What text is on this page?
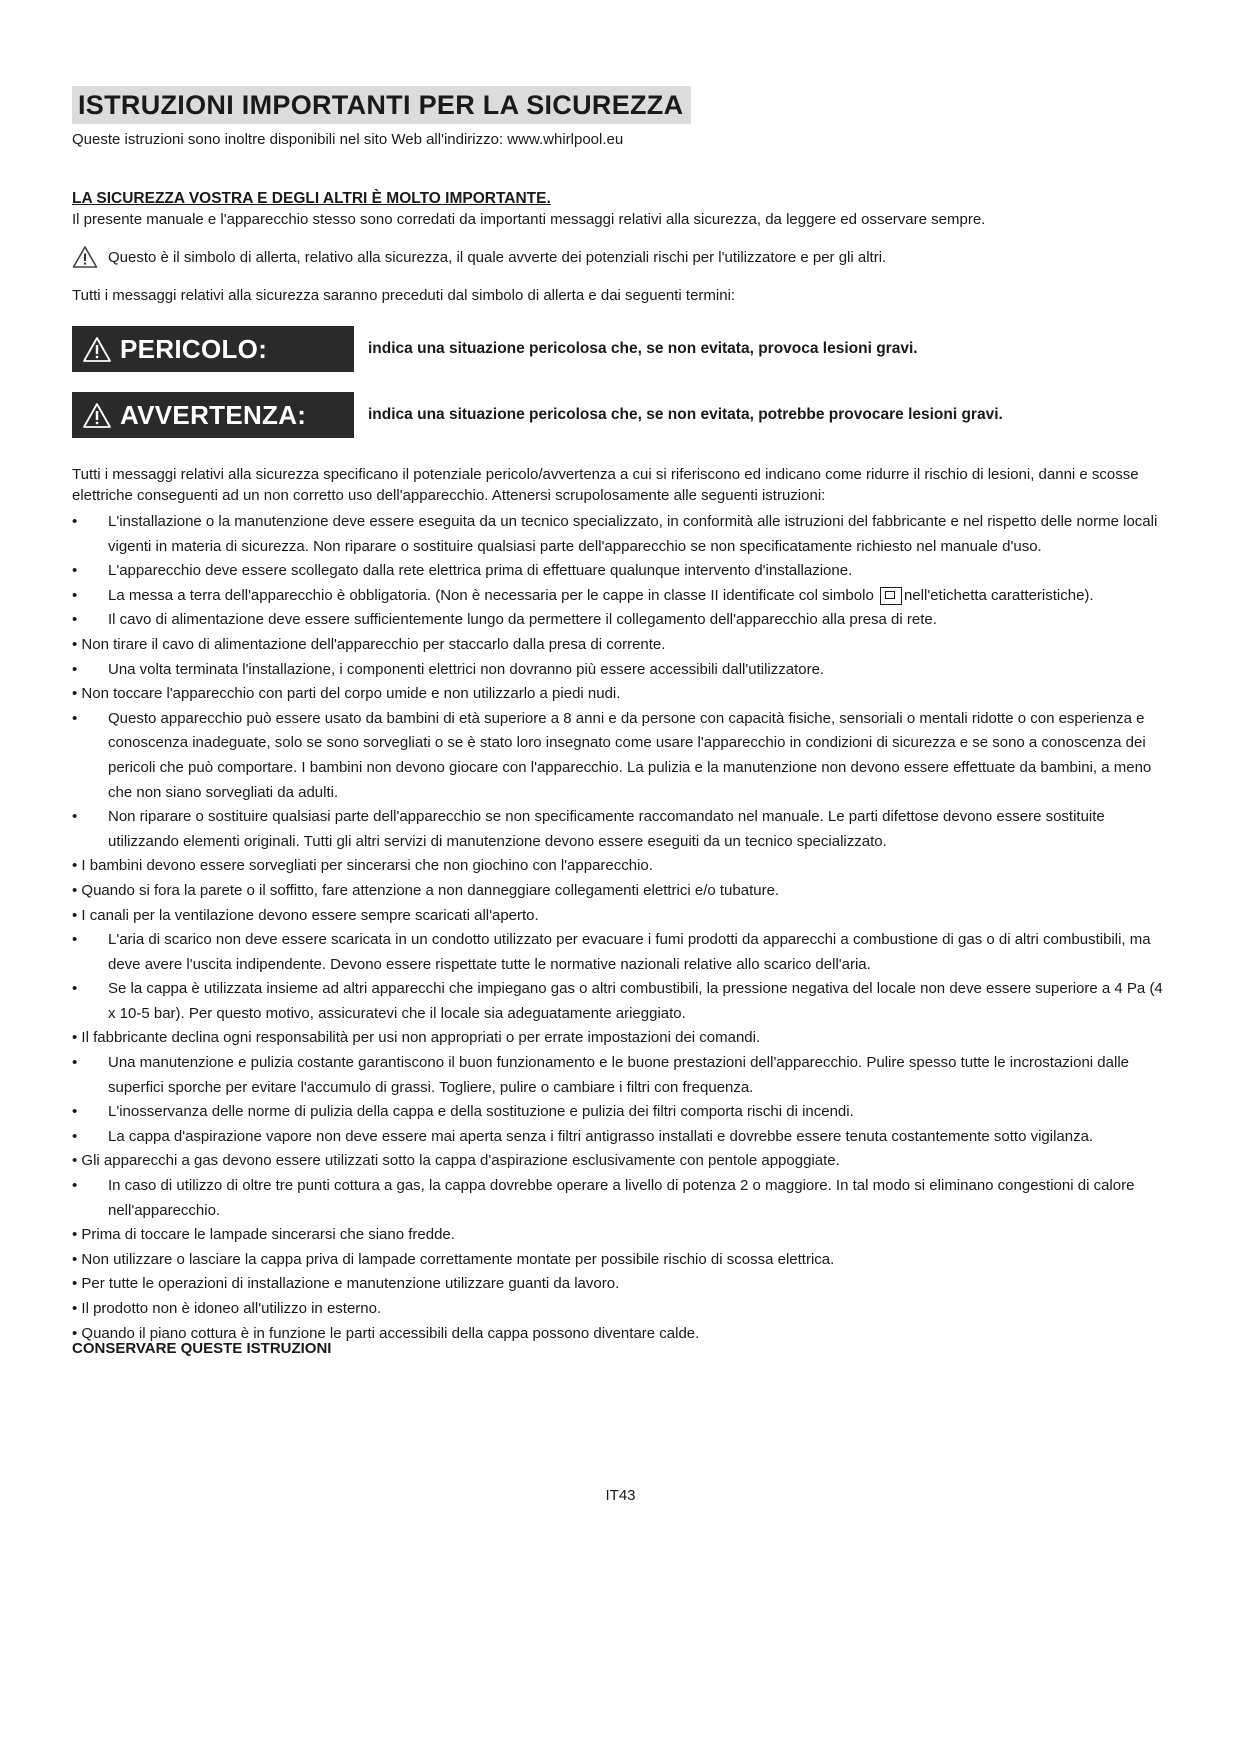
ISTRUZIONI IMPORTANTI PER LA SICUREZZA
Queste istruzioni sono inoltre disponibili nel sito Web all'indirizzo: www.whirlpool.eu
LA SICUREZZA VOSTRA E DEGLI ALTRI È MOLTO IMPORTANTE.
Il presente manuale e l'apparecchio stesso sono corredati da importanti messaggi relativi alla sicurezza, da leggere ed osservare sempre.
Questo è il simbolo di allerta, relativo alla sicurezza, il quale avverte dei potenziali rischi per l'utilizzatore e per gli altri.
Tutti i messaggi relativi alla sicurezza saranno preceduti dal simbolo di allerta e dai seguenti termini:
PERICOLO:	indica una situazione pericolosa che, se non evitata, provoca lesioni gravi.
AVVERTENZA:	indica una situazione pericolosa che, se non evitata, potrebbe provocare lesioni gravi.
Tutti i messaggi relativi alla sicurezza specificano il potenziale pericolo/avvertenza a cui si riferiscono ed indicano come ridurre il rischio di lesioni, danni e scosse elettriche conseguenti ad un non corretto uso dell'apparecchio. Attenersi scrupolosamente alle seguenti istruzioni:
• L'installazione o la manutenzione deve essere eseguita da un tecnico specializzato, in conformità alle istruzioni del fabbricante e nel rispetto delle norme locali vigenti in materia di sicurezza. Non riparare o sostituire qualsiasi parte dell'apparecchio se non specificatamente richiesto nel manuale d'uso.
• L'apparecchio deve essere scollegato dalla rete elettrica prima di effettuare qualunque intervento d'installazione.
• La messa a terra dell'apparecchio è obbligatoria. (Non è necessaria per le cappe in classe II identificate col simbolo nell'etichetta caratteristiche).
• Il cavo di alimentazione deve essere sufficientemente lungo da permettere il collegamento dell'apparecchio alla presa di rete.
• Non tirare il cavo di alimentazione dell'apparecchio per staccarlo dalla presa di corrente.
• Una volta terminata l'installazione, i componenti elettrici non dovranno più essere accessibili dall'utilizzatore.
• Non toccare l'apparecchio con parti del corpo umide e non utilizzarlo a piedi nudi.
• Questo apparecchio può essere usato da bambini di età superiore a 8 anni e da persone con capacità fisiche, sensoriali o mentali ridotte o con esperienza e conoscenza inadeguate, solo se sono sorvegliati o se è stato loro insegnato come usare l'apparecchio in condizioni di sicurezza e se sono a conoscenza dei pericoli che può comportare. I bambini non devono giocare con l'apparecchio. La pulizia e la manutenzione non devono essere effettuate da bambini, a meno che non siano sorvegliati da adulti.
• Non riparare o sostituire qualsiasi parte dell'apparecchio se non specificamente raccomandato nel manuale. Le parti difettose devono essere sostituite utilizzando elementi originali. Tutti gli altri servizi di manutenzione devono essere eseguiti da un tecnico specializzato.
• I bambini devono essere sorvegliati per sincerarsi che non giochino con l'apparecchio.
• Quando si fora la parete o il soffitto, fare attenzione a non danneggiare collegamenti elettrici e/o tubature.
• I canali per la ventilazione devono essere sempre scaricati all'aperto.
• L'aria di scarico non deve essere scaricata in un condotto utilizzato per evacuare i fumi prodotti da apparecchi a combustione di gas o di altri combustibili, ma deve avere l'uscita indipendente. Devono essere rispettate tutte le normative nazionali relative allo scarico dell'aria.
• Se la cappa è utilizzata insieme ad altri apparecchi che impiegano gas o altri combustibili, la pressione negativa del locale non deve essere superiore a 4 Pa (4 x 10-5 bar). Per questo motivo, assicuratevi che il locale sia adeguatamente arieggiato.
• Il fabbricante declina ogni responsabilità per usi non appropriati o per errate impostazioni dei comandi.
• Una manutenzione e pulizia costante garantiscono il buon funzionamento e le buone prestazioni dell'apparecchio. Pulire spesso tutte le incrostazioni dalle superfici sporche per evitare l'accumulo di grassi. Togliere, pulire o cambiare i filtri con frequenza.
• L'inosservanza delle norme di pulizia della cappa e della sostituzione e pulizia dei filtri comporta rischi di incendi.
• La cappa d'aspirazione vapore non deve essere mai aperta senza i filtri antigrasso installati e dovrebbe essere tenuta costantemente sotto vigilanza.
• Gli apparecchi a gas devono essere utilizzati sotto la cappa d'aspirazione esclusivamente con pentole appoggiate.
• In caso di utilizzo di oltre tre punti cottura a gas, la cappa dovrebbe operare a livello di potenza 2 o maggiore. In tal modo si eliminano congestioni di calore nell'apparecchio.
• Prima di toccare le lampade sincerarsi che siano fredde.
• Non utilizzare o lasciare la cappa priva di lampade correttamente montate per possibile rischio di scossa elettrica.
• Per tutte le operazioni di installazione e manutenzione utilizzare guanti da lavoro.
• Il prodotto non è idoneo all'utilizzo in esterno.
• Quando il piano cottura è in funzione le parti accessibili della cappa possono diventare calde.
CONSERVARE QUESTE ISTRUZIONI
IT43
